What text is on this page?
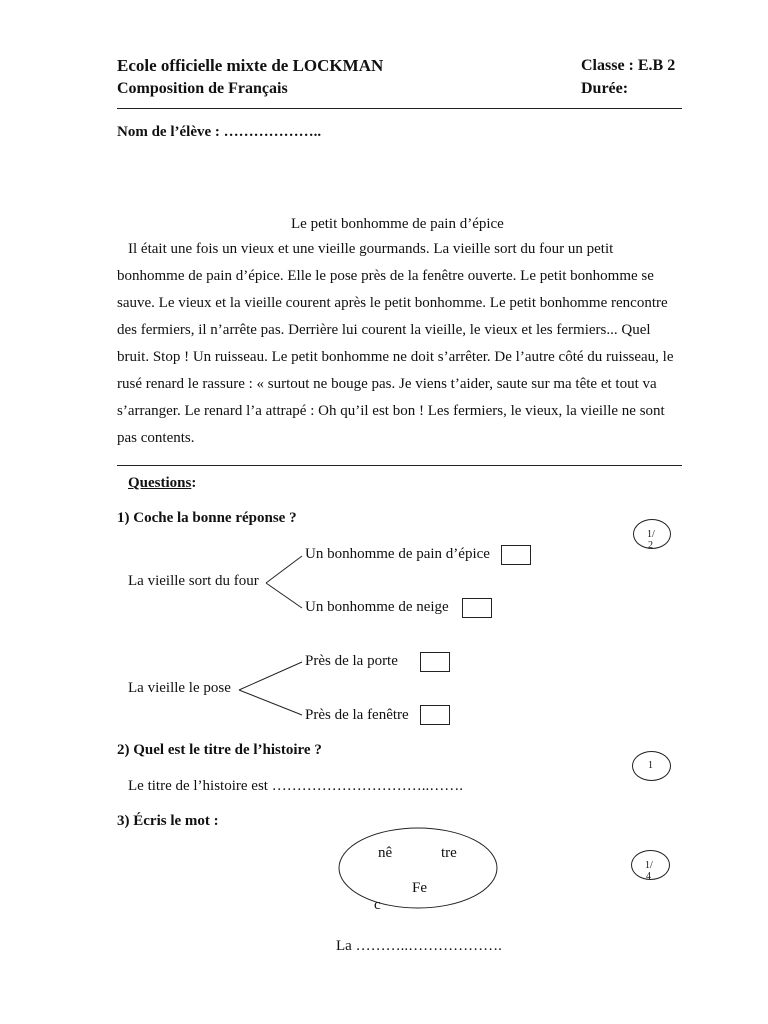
Ecole officielle mixte de LOCKMAN
Composition de Français
Classe : E.B 2
Durée:
Nom de l’élève : ………………..
Le petit bonhomme de pain d’épice
Il était une fois un vieux et une vieille gourmands. La vieille sort du four un petit bonhomme de pain d’épice. Elle le pose près de la fenêtre ouverte. Le petit bonhomme se sauve. Le vieux et la vieille courent après le petit bonhomme. Le petit bonhomme rencontre des fermiers, il n’arrête pas. Derrière lui courent la vieille, le vieux et les fermiers... Quel bruit. Stop ! Un ruisseau. Le petit bonhomme ne doit s’arrêter. De l’autre côté du ruisseau, le rusé renard le rassure : « surtout ne bouge pas. Je viens t’aider, saute sur ma tête et tout va s’arranger. Le renard l’a attrapé : Oh qu’il est bon ! Les fermiers, le vieux, la vieille ne sont pas contents.
Questions:
1) Coche la bonne réponse ?
1/
2
La vieille sort du four
Un bonhomme de pain d’épice
Un bonhomme de neige
La vieille le pose
Près de la porte
Près de la fenêtre
2) Quel est le titre de l’histoire ?
1
Le titre de l’histoire est …………………………..…….
3) Écris le mot :
1/
4
nê	tre
Fe
c
La ………..……………….
